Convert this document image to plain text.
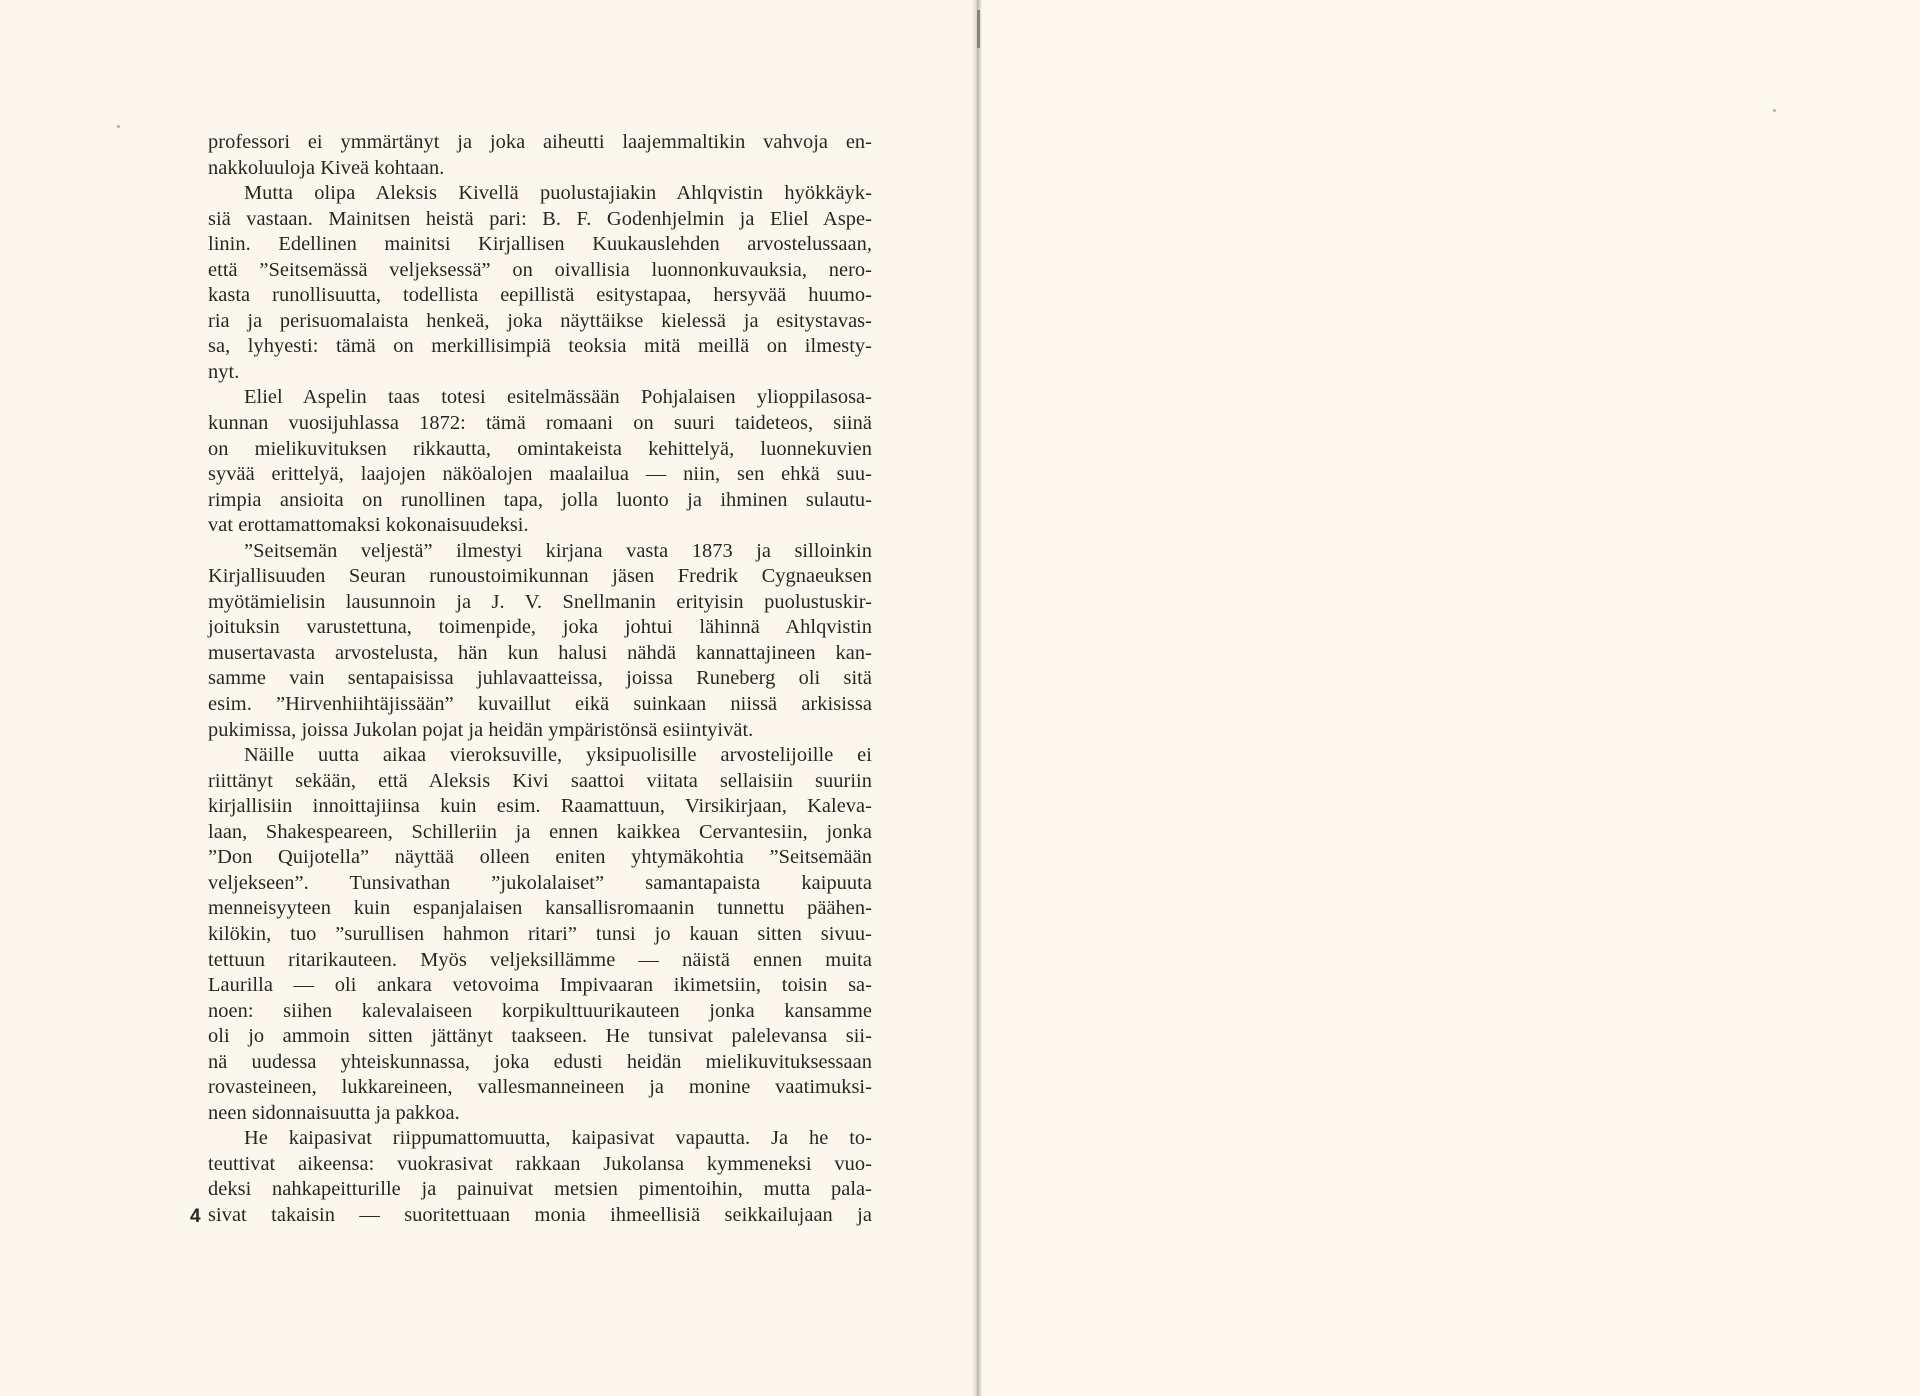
professori ei ymmärtänyt ja joka aiheutti laajemmaltikin vahvoja en-
nakkoluuloja Kiveä kohtaan.
Mutta olipa Aleksis Kivellä puolustajiakin Ahlqvistin hyökkäyk-
siä vastaan. Mainitsen heistä pari: B. F. Godenhjelmin ja Eliel Aspe-
linin. Edellinen mainitsi Kirjallisen Kuukauslehden arvostelussaan,
että ”Seitsemässä veljeksessä” on oivallisia luonnonkuvauksia, nero-
kasta runollisuutta, todellista eepillistä esitystapaa, hersyvää huumo-
ria ja perisuomalaista henkeä, joka näyttäikse kielessä ja esitystavas-
sa, lyhyesti: tämä on merkillisimpiä teoksia mitä meillä on ilmesty-
nyt.
Eliel Aspelin taas totesi esitelmässään Pohjalaisen ylioppilasosa-
kunnan vuosijuhlassa 1872: tämä romaani on suuri taideteos, siinä
on mielikuvituksen rikkautta, omintakeista kehittelyä, luonnekuvien
syvää erittelyä, laajojen näköalojen maalailua — niin, sen ehkä suu-
rimpia ansioita on runollinen tapa, jolla luonto ja ihminen sulautu-
vat erottamattomaksi kokonaisuudeksi.
”Seitsemän veljestä” ilmestyi kirjana vasta 1873 ja silloinkin
Kirjallisuuden Seuran runoustoimikunnan jäsen Fredrik Cygnaeuksen
myötämielisin lausunnoin ja J. V. Snellmanin erityisin puolustuskir-
joituksin varustettuna, toimenpide, joka johtui lähinnä Ahlqvistin
musertavasta arvostelusta, hän kun halusi nähdä kannattajineen kan-
samme vain sentapaisissa juhlavaatteissa, joissa Runeberg oli sitä
esim. ”Hirvenhiihtäjissään” kuvaillut eikä suinkaan niissä arkisissa
pukimissa, joissa Jukolan pojat ja heidän ympäristönsä esiintyivät.
Näille uutta aikaa vieroksuville, yksipuolisille arvostelijoille ei
riittänyt sekään, että Aleksis Kivi saattoi viitata sellaisiin suuriin
kirjallisiin innoittajiinsa kuin esim. Raamattuun, Virsikirjaan, Kaleva-
laan, Shakespeareen, Schilleriin ja ennen kaikkea Cervantesiin, jonka
”Don Quijotella” näyttää olleen eniten yhtymäkohtia ”Seitsemään
veljekseen”. Tunsivathan ”jukolalaiset” samantapaista kaipuuta
menneisyyteen kuin espanjalaisen kansallisromaanin tunnettu päähen-
kilökin, tuo ”surullisen hahmon ritari” tunsi jo kauan sitten sivuu-
tettuun ritarikauteen. Myös veljeksillämme — näistä ennen muita
Laurilla — oli ankara vetovoima Impivaaran ikimetsiin, toisin sa-
noen: siihen kalevalaiseen korpikulttuurikauteen jonka kansamme
oli jo ammoin sitten jättänyt taakseen. He tunsivat palelevansa sii-
nä uudessa yhteiskunnassa, joka edusti heidän mielikuvituksessaan
rovasteineen, lukkareineen, vallesmanneineen ja monine vaatimuksi-
neen sidonnaisuutta ja pakkoa.
He kaipasivat riippumattomuutta, kaipasivat vapautta. Ja he to-
teuttivat aikeensa: vuokrasivat rakkaan Jukolansa kymmeneksi vuo-
deksi nahkapeitturille ja painuivat metsien pimentoihin, mutta pala-
sivat takaisin — suoritettuaan monia ihmeellisiä seikkailujaan ja
4
